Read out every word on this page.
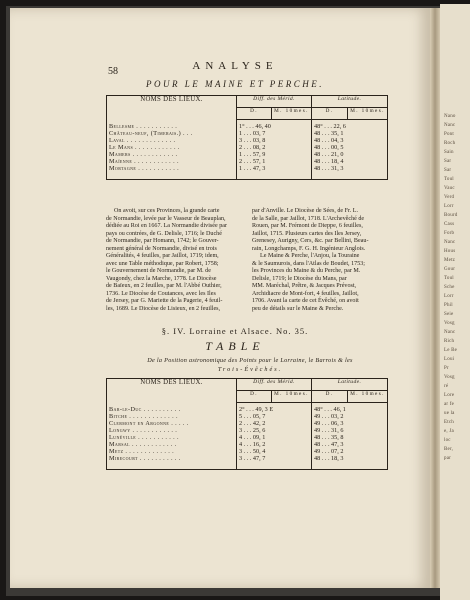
Nano
Nanc
Pont
Roch
Sain
Sar
Sar
Toul
Vauc
Verd
Lorr
Bourd
Cass
Forb
Nanc
Hous
Metz
Gour
Toul
Sche
Lorr
Phil
Seie
Vosg
Nanc
Rich
Le Be
Loui
Pr
Vosg
ré
Lore
ar fe
ue la
Etch
e, Ja
loc
Ber,
par
58	ANALYSE
POUR LE MAINE ET PERCHE.
NOMS DES LIEUX.	Diff. des Mérid.		Latitude.	
	D.	M. 10mes.	D.	M. 10mes.
Bellesme . . . . . . . . . . .	1° . . . 46, 40		48° . . . 22, 6	
Château-neuf, (Timerais.) . . .	1 . . . 03, 7		48 . . . 35, 1	
Laval . . . . . . . . . . . . .	3 . . . 03, 8		48 . . . 04, 3	
Le Mans . . . . . . . . . . . .	2 . . . 08, 2		48 . . . 00, 5	
Mamers . . . . . . . . . . . .	1 . . . 57, 9		48 . . . 21, 0	
Maïenne . . . . . . . . . . . .	2 . . . 57, 1		48 . . . 18, 4	
Mortagne . . . . . . . . . . .	1 . . . 47, 3		48 . . . 31, 3	

On avoit, sur ces Provinces, la grande carte
de Normandie, levée par le Vasseur de Beauplan,
dédiée au Roi en 1667. La Normandie divisée par
pays ou contrées, de G. Delisle, 1716; le Duché
de Normandie, par Homann, 1742; le Gouver-
nement général de Normandie, divisé en trois
Généralités, 4 feuilles, par Jaillot, 1719; idem,
avec une Table méthodique, par Robert, 1758;
le Gouvernement de Normandie, par M. de
Vaugondy, chez la Marche, 1778. Le Diocèse
de Baïeux, en 2 feuilles, par M. l'Abbé Outhier,
1736. Le Diocèse de Coutances, avec les Iles
de Jersey, par G. Mariette de la Pagerie, 4 feuil-
les, 1689. Le Diocèse de Lisieux, en 2 feuilles,
par d'Anville. Le Diocèse de Sées, de Fr. L.
de la Salle, par Jaillot, 1718. L'Archevêché de
Rouen, par M. Frémont de Dieppe, 6 feuilles,
Jaillot, 1715. Plusieurs cartes des Iles Jersey,
Grenesey, Aurigny, Cers, &c. par Bellini, Beau-
rain, Longchamps, F. G. H. Ingénieur Anglois.
Le Maine & Perche, l'Anjou, la Touraine
& le Saumurois, dans l'Atlas de Boudet, 1753;
les Provinces du Maine & du Perche, par M.
Delisle, 1719; le Diocèse du Mans, par
MM. Maréchal, Prêtre, & Jacques Prévost,
Archidiacre de Mont-fort, 4 feuilles, Jaillot,
1706. Avant la carte de cet Évêché, on avoit
peu de détails sur le Maine & Perche.
§. IV. Lorraine et Alsace. No. 35.
TABLE
De la Position astronomique des Points pour le Lorraine, le Barrois & les
Trois-Évêchés.
NOMS DES LIEUX.	Diff. des Mérid.		Latitude.	
	D.	M. 10mes.	D.	M. 10mes.
Bar-le-Duc . . . . . . . . . .	2° . . . 49, 3 E		48° . . . 46, 1	
Bitche . . . . . . . . . . . . .	5 . . . 05, 7		49 . . . 03, 2	
Clermont en Argonne . . . . .	2 . . . 42, 2		49 . . . 06, 3	
Longwy . . . . . . . . . . . .	3 . . . 25, 6		49 . . . 31, 6	
Lunéville . . . . . . . . . . .	4 . . . 09, 1		48 . . . 35, 8	
Marsal . . . . . . . . . . . .	4 . . . 16, 2		48 . . . 47, 3	
Metz . . . . . . . . . . . . .	3 . . . 50, 4		49 . . . 07, 2	
Mirecourt . . . . . . . . . . .	3 . . . 47, 7		48 . . . 18, 3	
